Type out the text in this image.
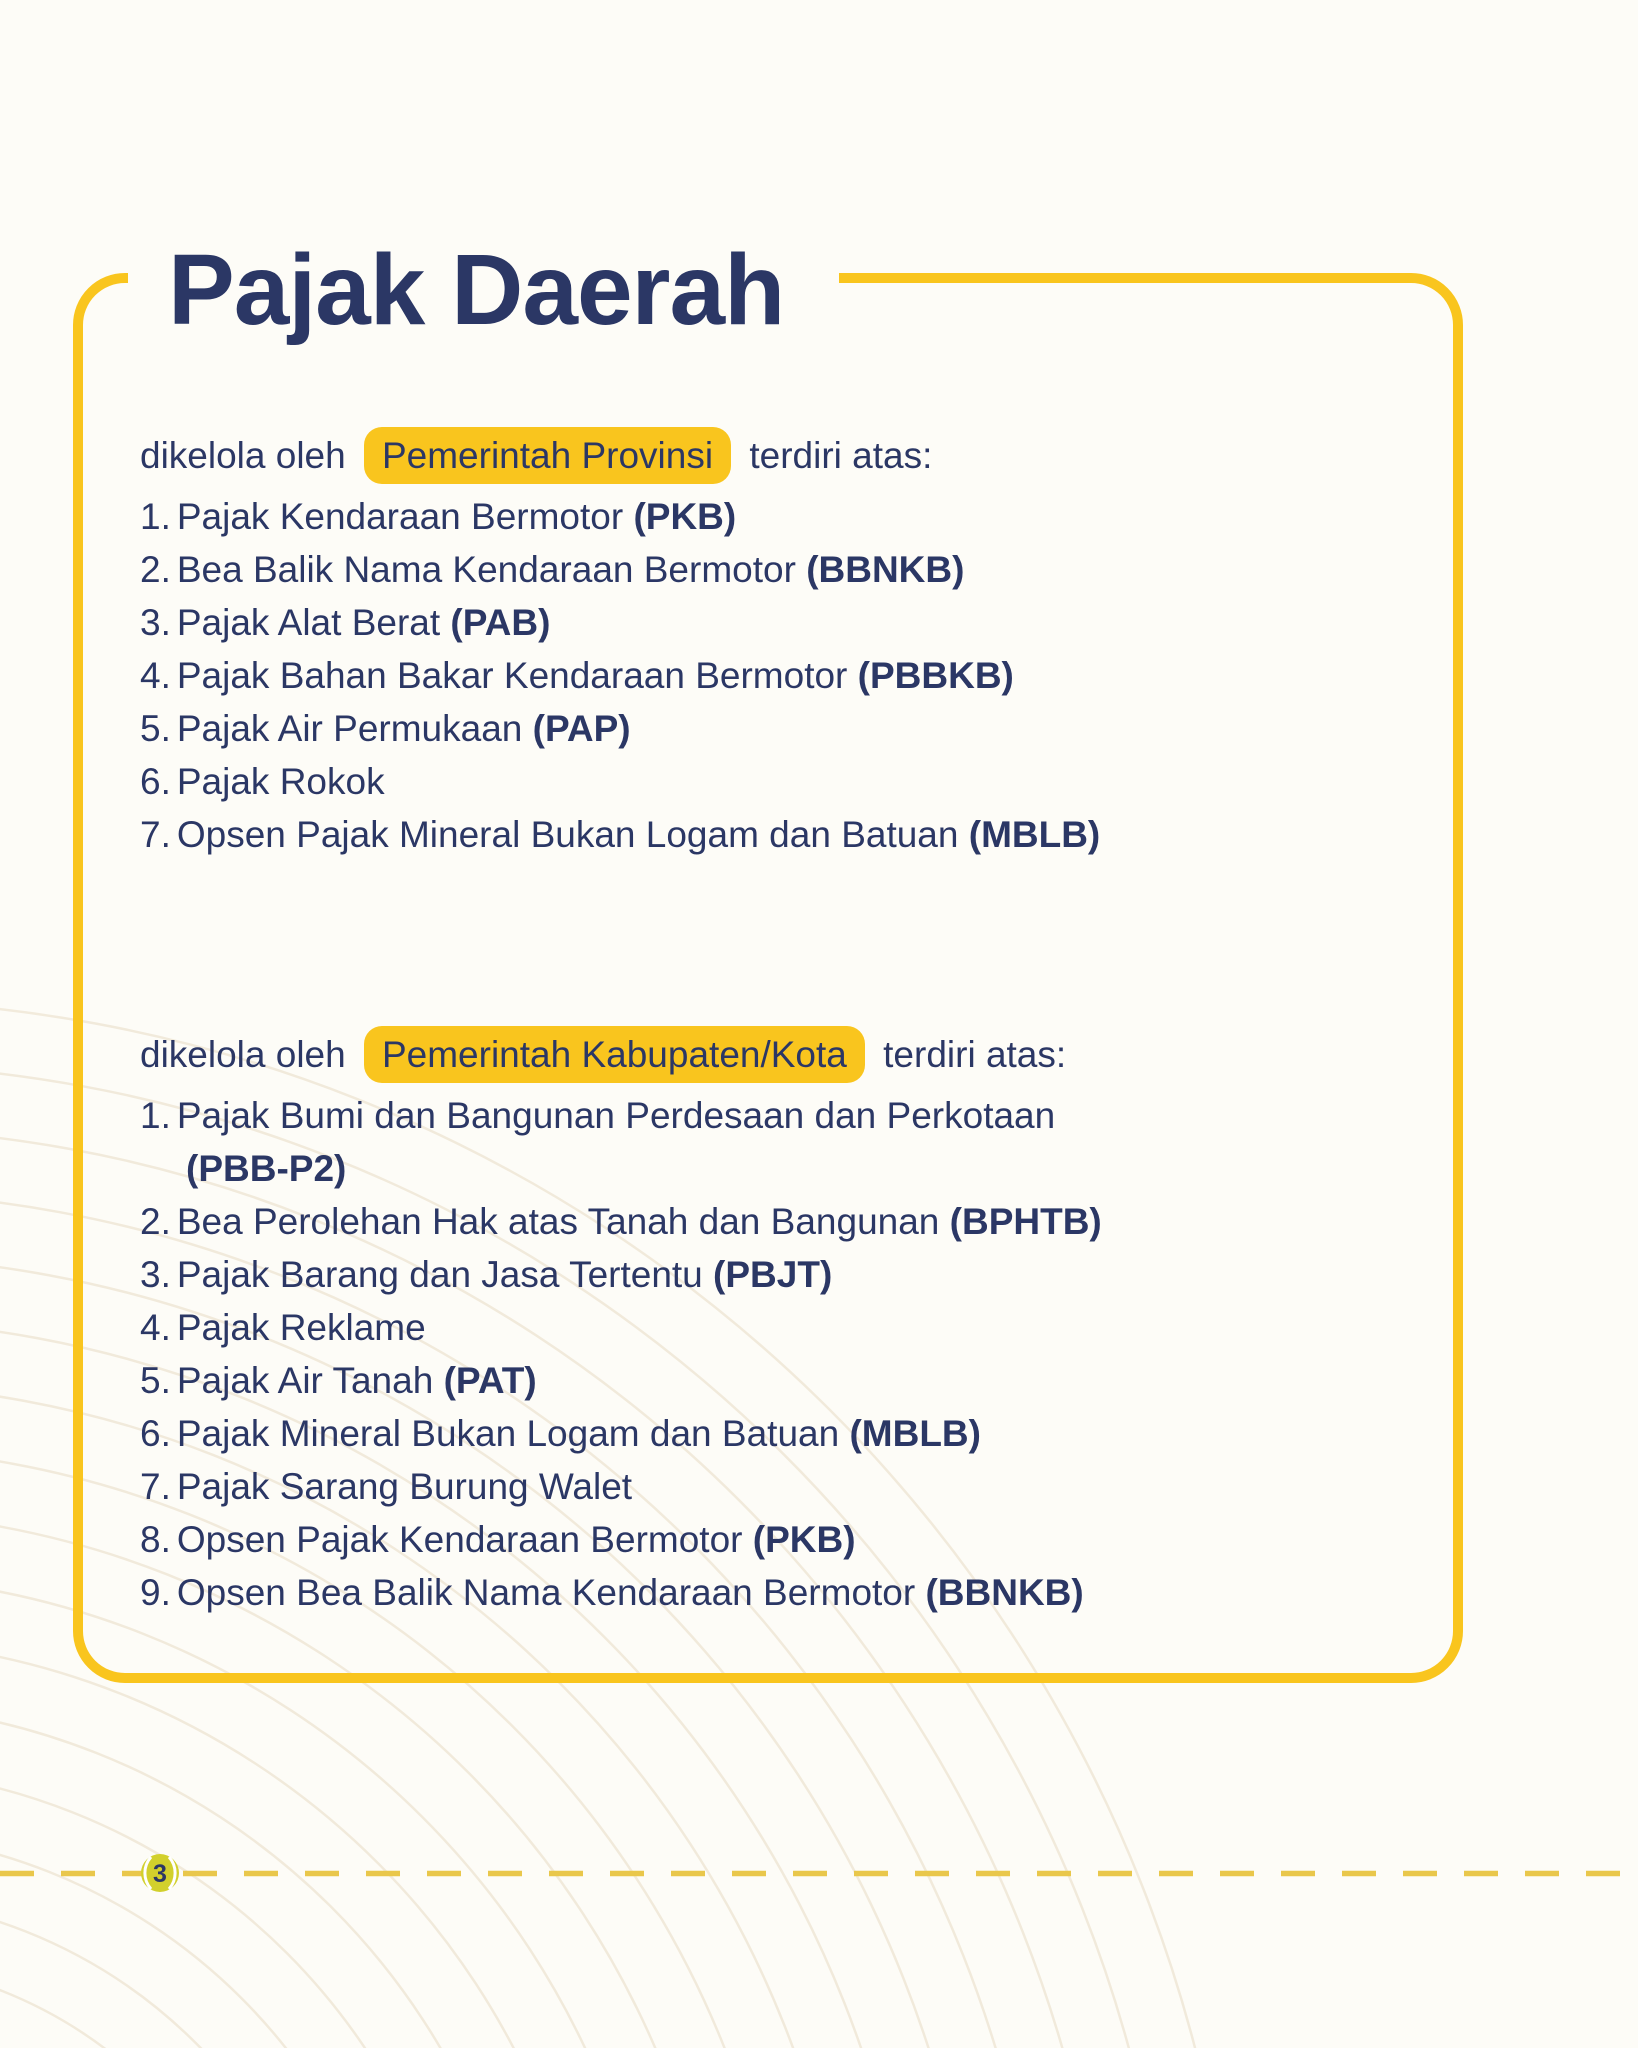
Pajak Daerah
dikelola oleh Pemerintah Provinsi terdiri atas:
1. Pajak Kendaraan Bermotor (PKB)
2. Bea Balik Nama Kendaraan Bermotor (BBNKB)
3. Pajak Alat Berat (PAB)
4. Pajak Bahan Bakar Kendaraan Bermotor (PBBKB)
5. Pajak Air Permukaan (PAP)
6. Pajak Rokok
7. Opsen Pajak Mineral Bukan Logam dan Batuan (MBLB)
dikelola oleh Pemerintah Kabupaten/Kota terdiri atas:
1. Pajak Bumi dan Bangunan Perdesaan dan Perkotaan
(PBB-P2)
2. Bea Perolehan Hak atas Tanah dan Bangunan (BPHTB)
3. Pajak Barang dan Jasa Tertentu (PBJT)
4. Pajak Reklame
5. Pajak Air Tanah (PAT)
6. Pajak Mineral Bukan Logam dan Batuan (MBLB)
7. Pajak Sarang Burung Walet
8. Opsen Pajak Kendaraan Bermotor (PKB)
9. Opsen Bea Balik Nama Kendaraan Bermotor (BBNKB)
3
